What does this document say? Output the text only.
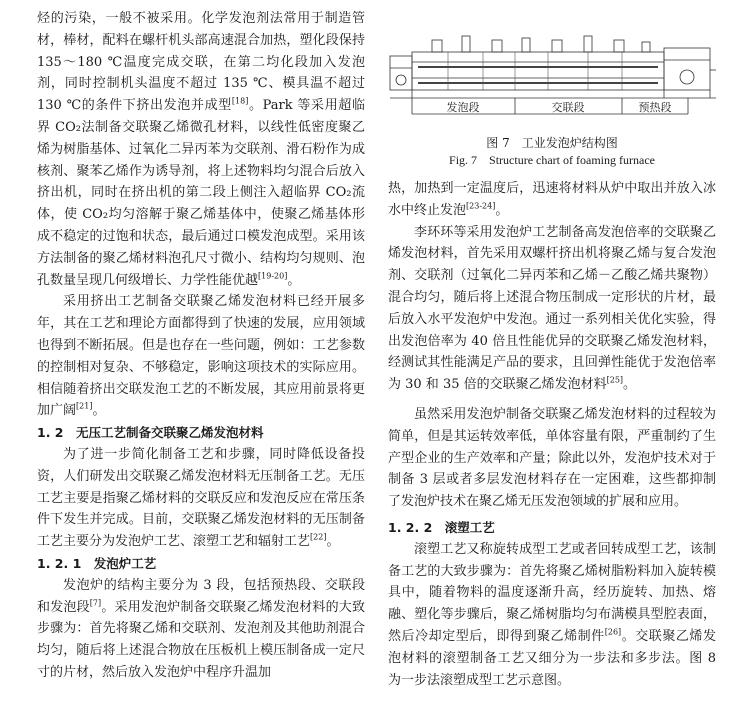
烃的污染，一般不被采用。化学发泡剂法常用于制造管材，棒材，配料在螺杆机头部高速混合加热，塑化段保持 135～180 ℃温度完成交联，在第二均化段加入发泡剂，同时控制机头温度不超过 135 ℃、模具温不超过 130 ℃的条件下挤出发泡并成型[18]。Park 等采用超临界 CO₂法制备交联聚乙烯微孔材料，以线性低密度聚乙烯为树脂基体、过氧化二异丙苯为交联剂、滑石粉作为成核剂、聚苯乙烯作为诱导剂，将上述物料均匀混合后放入挤出机，同时在挤出机的第二段上侧注入超临界 CO₂流体，使 CO₂均匀溶解于聚乙烯基体中，使聚乙烯基体形成不稳定的过饱和状态，最后通过口模发泡成型。采用该方法制备的聚乙烯材料泡孔尺寸微小、结构均匀规则、泡孔数量呈现几何级增长、力学性能优越[19-20]。

采用挤出工艺制备交联聚乙烯发泡材料已经开展多年，其在工艺和理论方面都得到了快速的发展，应用领域也得到不断拓展。但是也存在一些问题，例如：工艺参数的控制相对复杂、不够稳定，影响这项技术的实际应用。相信随着挤出交联发泡工艺的不断发展，其应用前景将更加广阔[21]。

1. 2　无压工艺制备交联聚乙烯发泡材料

为了进一步简化制备工艺和步骤，同时降低设备投资，人们研发出交联聚乙烯发泡材料无压制备工艺。无压工艺主要是指聚乙烯材料的交联反应和发泡反应在常压条件下发生并完成。目前，交联聚乙烯发泡材料的无压制备工艺主要分为发泡炉工艺、滚塑工艺和辐射工艺[22]。

1. 2. 1　发泡炉工艺

发泡炉的结构主要分为 3 段，包括预热段、交联段和发泡段[7]。采用发泡炉制备交联聚乙烯发泡材料的大致步骤为：首先将聚乙烯和交联剂、发泡剂及其他助剂混合均匀，随后将上述混合物放在压板机上模压制备成一定尺寸的片材，然后放入发泡炉中程序升温加

发泡段	交联段	预热段
图 7　工业发泡炉结构图
Fig. 7　Structure chart of foaming furnace

热，加热到一定温度后，迅速将材料从炉中取出并放入冰水中终止发泡[23-24]。

李环环等采用发泡炉工艺制备高发泡倍率的交联聚乙烯发泡材料，首先采用双螺杆挤出机将聚乙烯与复合发泡剂、交联剂（过氧化二异丙苯和乙烯－乙酸乙烯共聚物）混合均匀，随后将上述混合物压制成一定形状的片材，最后放入水平发泡炉中发泡。通过一系列相关优化实验，得出发泡倍率为 40 倍且性能优异的交联聚乙烯发泡材料，经测试其性能满足产品的要求，且回弹性能优于发泡倍率为 30 和 35 倍的交联聚乙烯发泡材料[25]。

虽然采用发泡炉制备交联聚乙烯发泡材料的过程较为简单，但是其运转效率低，单体容量有限，严重制约了生产型企业的生产效率和产量；除此以外，发泡炉技术对于制备 3 层或者多层发泡材料存在一定困难，这些都抑制了发泡炉技术在聚乙烯无压发泡领域的扩展和应用。

1. 2. 2　滚塑工艺

滚塑工艺又称旋转成型工艺或者回转成型工艺，该制备工艺的大致步骤为：首先将聚乙烯树脂粉料加入旋转模具中，随着物料的温度逐渐升高，经历旋转、加热、熔融、塑化等步骤后，聚乙烯树脂均匀布满模具型腔表面，然后冷却定型后，即得到聚乙烯制件[26]。交联聚乙烯发泡材料的滚塑制备工艺又细分为一步法和多步法。图 8 为一步法滚塑成型工艺示意图。
